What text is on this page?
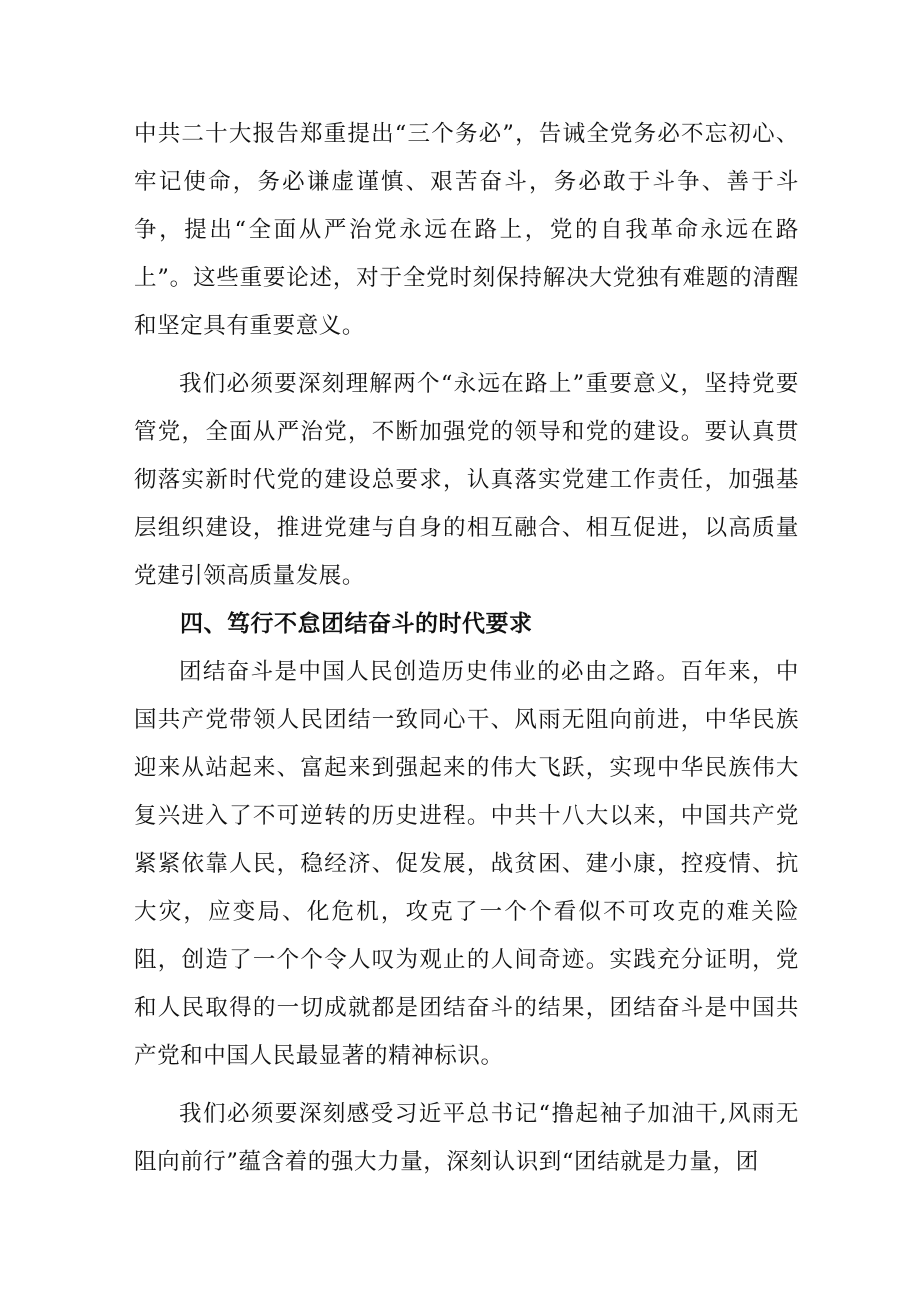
中共二十大报告郑重提出“三个务必”，告诫全党务必不忘初心、牢记使命，务必谦虚谨慎、艰苦奋斗，务必敢于斗争、善于斗争，提出“全面从严治党永远在路上，党的自我革命永远在路上”。这些重要论述，对于全党时刻保持解决大党独有难题的清醒和坚定具有重要意义。

我们必须要深刻理解两个“永远在路上”重要意义，坚持党要管党，全面从严治党，不断加强党的领导和党的建设。要认真贯彻落实新时代党的建设总要求，认真落实党建工作责任，加强基层组织建设，推进党建与自身的相互融合、相互促进，以高质量党建引领高质量发展。

四、笃行不怠团结奋斗的时代要求

团结奋斗是中国人民创造历史伟业的必由之路。百年来，中国共产党带领人民团结一致同心干、风雨无阻向前进，中华民族迎来从站起来、富起来到强起来的伟大飞跃，实现中华民族伟大复兴进入了不可逆转的历史进程。中共十八大以来，中国共产党紧紧依靠人民，稳经济、促发展，战贫困、建小康，控疫情、抗大灾，应变局、化危机，攻克了一个个看似不可攻克的难关险阻，创造了一个个令人叹为观止的人间奇迹。实践充分证明，党和人民取得的一切成就都是团结奋斗的结果，团结奋斗是中国共产党和中国人民最显著的精神标识。

我们必须要深刻感受习近平总书记“撸起袖子加油干,风雨无阻向前行”蕴含着的强大力量，深刻认识到“团结就是力量，团
